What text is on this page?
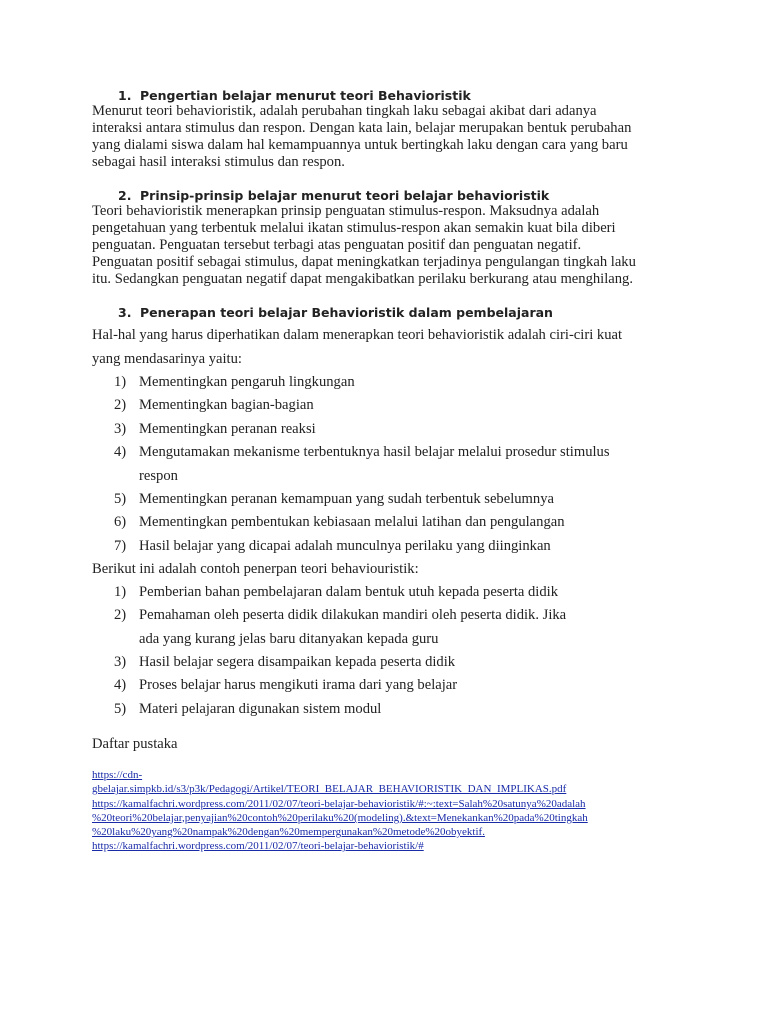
1. Pengertian belajar menurut teori Behavioristik

Menurut teori behavioristik, adalah perubahan tingkah laku sebagai akibat dari adanya

interaksi antara stimulus dan respon. Dengan kata lain, belajar merupakan bentuk perubahan

yang dialami siswa dalam hal kemampuannya untuk bertingkah laku dengan cara yang baru

sebagai hasil interaksi stimulus dan respon.

2. Prinsip-prinsip belajar menurut teori belajar behavioristik

Teori behavioristik menerapkan prinsip penguatan stimulus-respon. Maksudnya adalah

pengetahuan yang terbentuk melalui ikatan stimulus-respon akan semakin kuat bila diberi

penguatan. Penguatan tersebut terbagi atas penguatan positif dan penguatan negatif.

Penguatan positif sebagai stimulus, dapat meningkatkan terjadinya pengulangan tingkah laku

itu. Sedangkan penguatan negatif dapat mengakibatkan perilaku berkurang atau menghilang.

3. Penerapan teori belajar Behavioristik dalam pembelajaran
Hal-hal yang harus diperhatikan dalam menerapkan teori behavioristik adalah ciri-ciri kuat
yang mendasarinya yaitu:
1) Mementingkan pengaruh lingkungan
2) Mementingkan bagian-bagian
3) Mementingkan peranan reaksi
4) Mengutamakan mekanisme terbentuknya hasil belajar melalui prosedur stimulus
respon
5) Mementingkan peranan kemampuan yang sudah terbentuk sebelumnya
6) Mementingkan pembentukan kebiasaan melalui latihan dan pengulangan
7) Hasil belajar yang dicapai adalah munculnya perilaku yang diinginkan
Berikut ini adalah contoh penerpan teori behaviouristik:
1) Pemberian bahan pembelajaran dalam bentuk utuh kepada peserta didik
2) Pemahaman oleh peserta didik dilakukan mandiri oleh peserta didik. Jika
ada yang kurang jelas baru ditanyakan kepada guru
3) Hasil belajar segera disampaikan kepada peserta didik
4) Proses belajar harus mengikuti irama dari yang belajar
5) Materi pelajaran digunakan sistem modul
Daftar pustaka
https://cdn-
gbelajar.simpkb.id/s3/p3k/Pedagogi/Artikel/TEORI_BELAJAR_BEHAVIORISTIK_DAN_IMPLIKAS.pdf
https://kamalfachri.wordpress.com/2011/02/07/teori-belajar-behavioristik/#:~:text=Salah%20satunya%20adalah
%20teori%20belajar,penyajian%20contoh%20perilaku%20(modeling).&text=Menekankan%20pada%20tingkah
%20laku%20yang%20nampak%20dengan%20mempergunakan%20metode%20obyektif.
https://kamalfachri.wordpress.com/2011/02/07/teori-belajar-behavioristik/#
